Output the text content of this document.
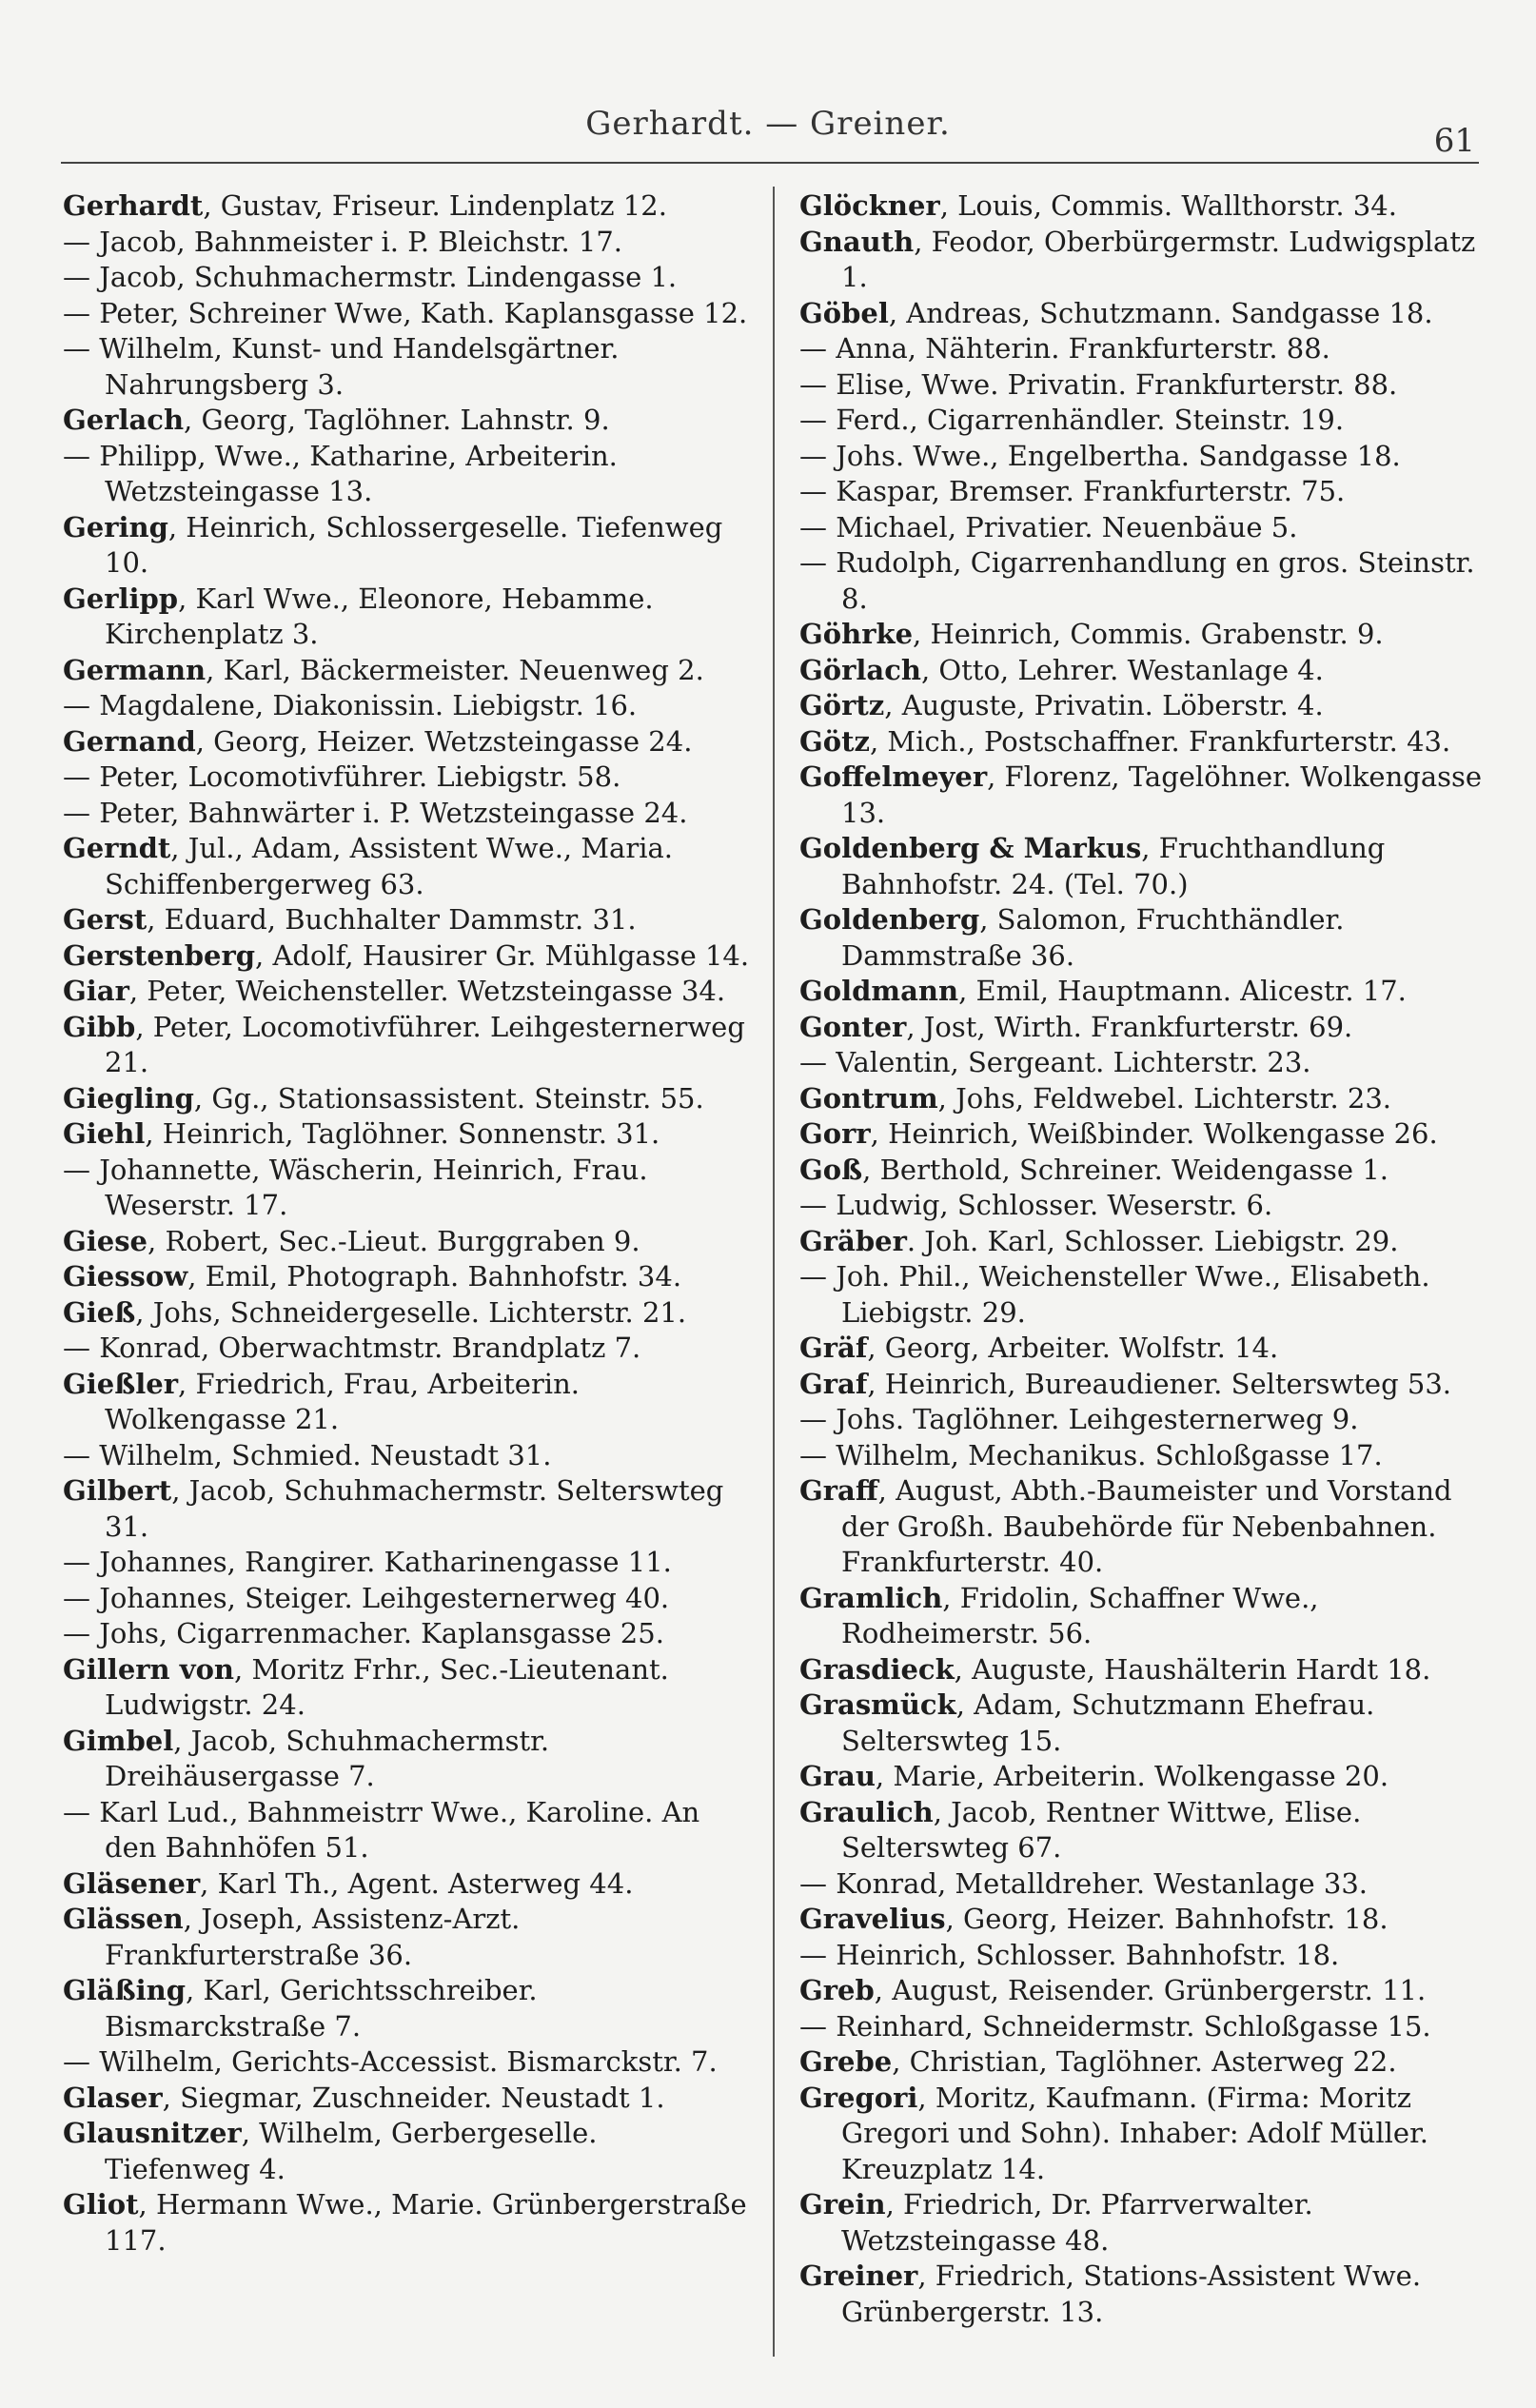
Gerhardt. — Greiner.	61

Gerhardt, Gustav, Friseur. Lindenplatz 12.

— Jacob, Bahnmeister i. P. Bleichstr. 17.

— Jacob, Schuhmachermstr. Lindengasse 1.

— Peter, Schreiner Wwe, Kath. Kaplansgasse 12.

— Wilhelm, Kunst- und Handelsgärtner. Nahrungsberg 3.

Gerlach, Georg, Taglöhner. Lahnstr. 9.

— Philipp, Wwe., Katharine, Arbeiterin. Wetzsteingasse 13.

Gering, Heinrich, Schlossergeselle. Tiefenweg 10.

Gerlipp, Karl Wwe., Eleonore, Hebamme. Kirchenplatz 3.

Germann, Karl, Bäckermeister. Neuenweg 2.

— Magdalene, Diakonissin. Liebigstr. 16.

Gernand, Georg, Heizer. Wetzsteingasse 24.

— Peter, Locomotivführer. Liebigstr. 58.

— Peter, Bahnwärter i. P. Wetzsteingasse 24.

Gerndt, Jul., Adam, Assistent Wwe., Maria. Schiffenbergerweg 63.

Gerst, Eduard, Buchhalter Dammstr. 31.

Gerstenberg, Adolf, Hausirer Gr. Mühlgasse 14.

Giar, Peter, Weichensteller. Wetzsteingasse 34.

Gibb, Peter, Locomotivführer. Leihgesternerweg 21.

Giegling, Gg., Stationsassistent. Steinstr. 55.

Giehl, Heinrich, Taglöhner. Sonnenstr. 31.

— Johannette, Wäscherin, Heinrich, Frau. Weserstr. 17.

Giese, Robert, Sec.-Lieut. Burggraben 9.

Giessow, Emil, Photograph. Bahnhofstr. 34.

Gieß, Johs, Schneidergeselle. Lichterstr. 21.

— Konrad, Oberwachtmstr. Brandplatz 7.

Gießler, Friedrich, Frau, Arbeiterin. Wolkengasse 21.

— Wilhelm, Schmied. Neustadt 31.

Gilbert, Jacob, Schuhmachermstr. Selterswteg 31.

— Johannes, Rangirer. Katharinengasse 11.

— Johannes, Steiger. Leihgesternerweg 40.

— Johs, Cigarrenmacher. Kaplansgasse 25.

Gillern von, Moritz Frhr., Sec.-Lieutenant. Ludwigstr. 24.

Gimbel, Jacob, Schuhmachermstr. Dreihäusergasse 7.

— Karl Lud., Bahnmeistrr Wwe., Karoline. An den Bahnhöfen 51.

Gläsener, Karl Th., Agent. Asterweg 44.

Glässen, Joseph, Assistenz-Arzt. Frankfurterstraße 36.

Gläßing, Karl, Gerichtsschreiber. Bismarckstraße 7.

— Wilhelm, Gerichts-Accessist. Bismarckstr. 7.

Glaser, Siegmar, Zuschneider. Neustadt 1.

Glausnitzer, Wilhelm, Gerbergeselle. Tiefenweg 4.

Gliot, Hermann Wwe., Marie. Grünbergerstraße 117.

Glöckner, Louis, Commis. Wallthorstr. 34.

Gnauth, Feodor, Oberbürgermstr. Ludwigsplatz 1.

Göbel, Andreas, Schutzmann. Sandgasse 18.

— Anna, Nähterin. Frankfurterstr. 88.

— Elise, Wwe. Privatin. Frankfurterstr. 88.

— Ferd., Cigarrenhändler. Steinstr. 19.

— Johs. Wwe., Engelbertha. Sandgasse 18.

— Kaspar, Bremser. Frankfurterstr. 75.

— Michael, Privatier. Neuenbäue 5.

— Rudolph, Cigarrenhandlung en gros. Steinstr. 8.

Göhrke, Heinrich, Commis. Grabenstr. 9.

Görlach, Otto, Lehrer. Westanlage 4.

Görtz, Auguste, Privatin. Löberstr. 4.

Götz, Mich., Postschaffner. Frankfurterstr. 43.

Goffelmeyer, Florenz, Tagelöhner. Wolkengasse 13.

Goldenberg & Markus, Fruchthandlung Bahnhofstr. 24. (Tel. 70.)

Goldenberg, Salomon, Fruchthändler. Dammstraße 36.

Goldmann, Emil, Hauptmann. Alicestr. 17.

Gonter, Jost, Wirth. Frankfurterstr. 69.

— Valentin, Sergeant. Lichterstr. 23.

Gontrum, Johs, Feldwebel. Lichterstr. 23.

Gorr, Heinrich, Weißbinder. Wolkengasse 26.

Goß, Berthold, Schreiner. Weidengasse 1.

— Ludwig, Schlosser. Weserstr. 6.

Gräber. Joh. Karl, Schlosser. Liebigstr. 29.

— Joh. Phil., Weichensteller Wwe., Elisabeth. Liebigstr. 29.

Gräf, Georg, Arbeiter. Wolfstr. 14.

Graf, Heinrich, Bureaudiener. Selterswteg 53.

— Johs. Taglöhner. Leihgesternerweg 9.

— Wilhelm, Mechanikus. Schloßgasse 17.

Graff, August, Abth.-Baumeister und Vorstand der Großh. Baubehörde für Nebenbahnen. Frankfurterstr. 40.

Gramlich, Fridolin, Schaffner Wwe., Rodheimerstr. 56.

Grasdieck, Auguste, Haushälterin Hardt 18.

Grasmück, Adam, Schutzmann Ehefrau. Selterswteg 15.

Grau, Marie, Arbeiterin. Wolkengasse 20.

Graulich, Jacob, Rentner Wittwe, Elise. Selterswteg 67.

— Konrad, Metalldreher. Westanlage 33.

Gravelius, Georg, Heizer. Bahnhofstr. 18.

— Heinrich, Schlosser. Bahnhofstr. 18.

Greb, August, Reisender. Grünbergerstr. 11.

— Reinhard, Schneidermstr. Schloßgasse 15.

Grebe, Christian, Taglöhner. Asterweg 22.

Gregori, Moritz, Kaufmann. (Firma: Moritz Gregori und Sohn). Inhaber: Adolf Müller. Kreuzplatz 14.

Grein, Friedrich, Dr. Pfarrverwalter. Wetzsteingasse 48.

Greiner, Friedrich, Stations-Assistent Wwe. Grünbergerstr. 13.
